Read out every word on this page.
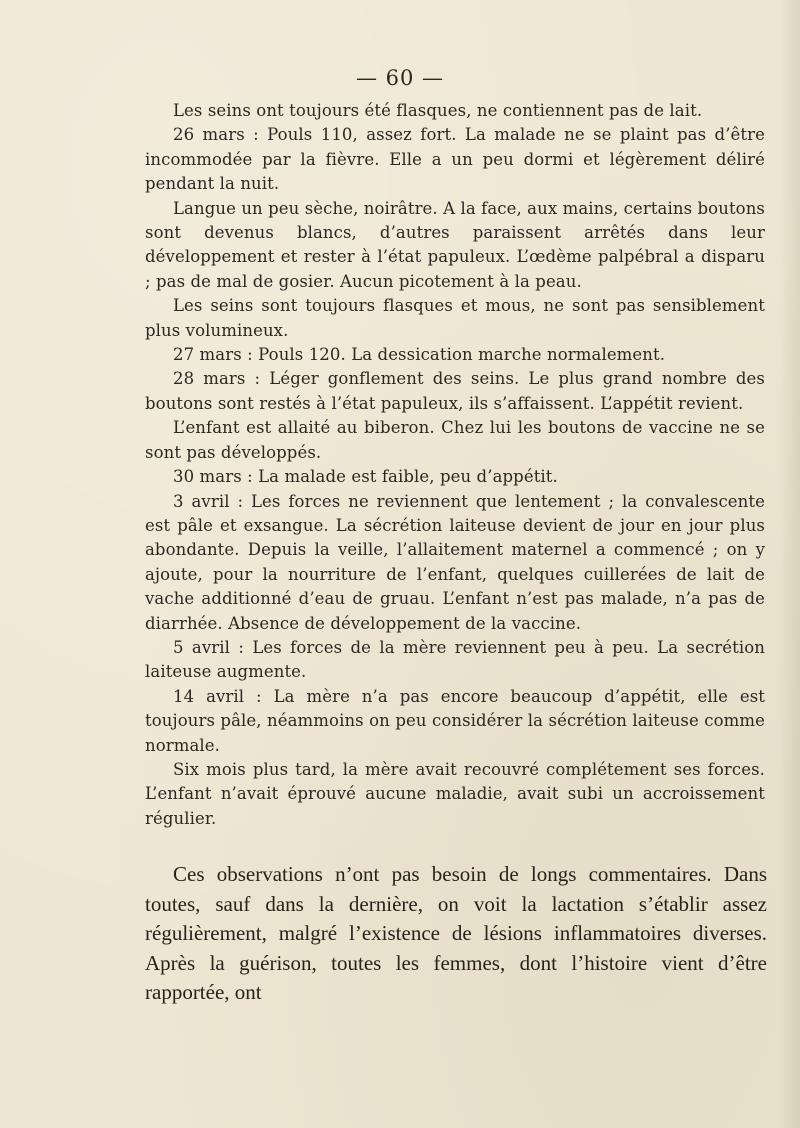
— 60 —

Les seins ont toujours été flasques, ne contiennent pas de lait.

26 mars : Pouls 110, assez fort. La malade ne se plaint pas d’être incommodée par la fièvre. Elle a un peu dormi et légèrement déliré pendant la nuit.

Langue un peu sèche, noirâtre. A la face, aux mains, certains boutons sont devenus blancs, d’autres paraissent arrêtés dans leur développement et rester à l’état papuleux. L’œdème palpébral a disparu ; pas de mal de gosier. Aucun picotement à la peau.

Les seins sont toujours flasques et mous, ne sont pas sensiblement plus volumineux.

27 mars : Pouls 120. La dessication marche normalement.

28 mars : Léger gonflement des seins. Le plus grand nombre des boutons sont restés à l’état papuleux, ils s’affaissent. L’appétit revient.

L’enfant est allaité au biberon. Chez lui les boutons de vaccine ne se sont pas développés.

30 mars : La malade est faible, peu d’appétit.

3 avril : Les forces ne reviennent que lentement ; la convalescente est pâle et exsangue. La sécrétion laiteuse devient de jour en jour plus abondante. Depuis la veille, l’allaitement maternel a commencé ; on y ajoute, pour la nourriture de l’enfant, quelques cuillerées de lait de vache additionné d’eau de gruau. L’enfant n’est pas malade, n’a pas de diarrhée. Absence de développement de la vaccine.

5 avril : Les forces de la mère reviennent peu à peu. La secrétion laiteuse augmente.

14 avril : La mère n’a pas encore beaucoup d’appétit, elle est toujours pâle, néammoins on peu considérer la sécrétion laiteuse comme normale.

Six mois plus tard, la mère avait recouvré complétement ses forces. L’enfant n’avait éprouvé aucune maladie, avait subi un accroissement régulier.

Ces observations n’ont pas besoin de longs commentaires. Dans toutes, sauf dans la dernière, on voit la lactation s’établir assez régulièrement, malgré l’existence de lésions inflammatoires diverses. Après la guérison, toutes les femmes, dont l’histoire vient d’être rapportée, ont
